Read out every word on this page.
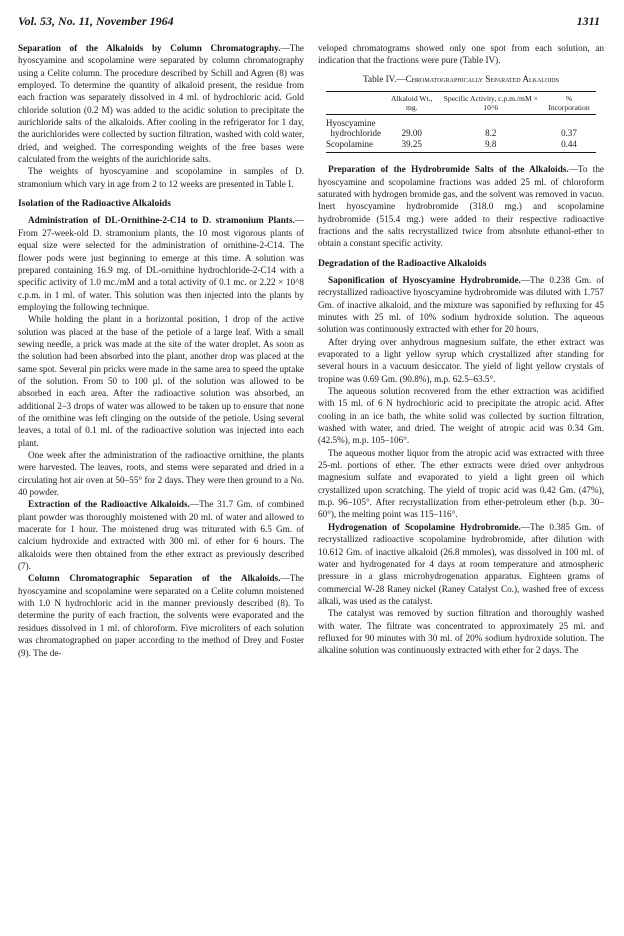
Vol. 53, No. 11, November 1964	1311

Separation of the Alkaloids by Column Chromatography.—The hyoscyamine and scopolamine were separated by column chromatography using a Celite column. The procedure described by Schill and Agren (8) was employed. To determine the quantity of alkaloid present, the residue from each fraction was separately dissolved in 4 ml. of hydrochloric acid. Gold chloride solution (0.2 M) was added to the acidic solution to precipitate the aurichloride salts of the alkaloids. After cooling in the refrigerator for 1 day, the aurichlorides were collected by suction filtration, washed with cold water, dried, and weighed. The corresponding weights of the free bases were calculated from the weights of the aurichloride salts.

The weights of hyoscyamine and scopolamine in samples of D. stramonium which vary in age from 2 to 12 weeks are presented in Table I.

Isolation of the Radioactive Alkaloids

Administration of DL-Ornithine-2-C14 to D. stramonium Plants.—From 27-week-old D. stramonium plants, the 10 most vigorous plants of equal size were selected for the administration of ornithine-2-C14. The flower pods were just beginning to emerge at this time. A solution was prepared containing 16.9 mg. of DL-ornithine hydrochloride-2-C14 with a specific activity of 1.0 mc./mM and a total activity of 0.1 mc. or 2.22 × 10^8 c.p.m. in 1 ml. of water. This solution was then injected into the plants by employing the following technique.

While holding the plant in a horizontal position, 1 drop of the active solution was placed at the base of the petiole of a large leaf. With a small sewing needle, a prick was made at the site of the water droplet. As soon as the solution had been absorbed into the plant, another drop was placed at the same spot. Several pin pricks were made in the same area to speed the uptake of the solution. From 50 to 100 µl. of the solution was allowed to be absorbed in each area. After the radioactive solution was absorbed, an additional 2–3 drops of water was allowed to be taken up to ensure that none of the ornithine was left clinging on the outside of the petiole. Using several leaves, a total of 0.1 ml. of the radioactive solution was injected into each plant.

One week after the administration of the radioactive ornithine, the plants were harvested. The leaves, roots, and stems were separated and dried in a circulating hot air oven at 50–55° for 2 days. They were then ground to a No. 40 powder.

Extraction of the Radioactive Alkaloids.—The 31.7 Gm. of combined plant powder was thoroughly moistened with 20 ml. of water and allowed to macerate for 1 hour. The moistened drug was triturated with 6.5 Gm. of calcium hydroxide and extracted with 300 ml. of ether for 6 hours. The alkaloids were then obtained from the ether extract as previously described (7).

Column Chromatographic Separation of the Alkaloids.—The hyoscyamine and scopolamine were separated on a Celite column moistened with 1.0 N hydrochloric acid in the manner previously described (8). To determine the purity of each fraction, the solvents were evaporated and the residues dissolved in 1 ml. of chloroform. Five microliters of each solution was chromatographed on paper according to the method of Drey and Foster (9). The de-

veloped chromatograms showed only one spot from each solution, an indication that the fractions were pure (Table IV).

Table IV.—Chromatographically Separated Alkaloids
	Alkaloid Wt., mg.	Specific Activity, c.p.m./mM × 10^6	% Incorporation
Hyoscyamine
hydrochloride	29.00	8.2	0.37
Scopolamine	39.25	9.8	0.44

Preparation of the Hydrobromide Salts of the Alkaloids.—To the hyoscyamine and scopolamine fractions was added 25 ml. of chloroform saturated with hydrogen bromide gas, and the solvent was removed in vacuo. Inert hyoscyamine hydrobromide (318.0 mg.) and scopolamine hydrobromide (515.4 mg.) were added to their respective radioactive fractions and the salts recrystallized twice from absolute ethanol-ether to obtain a constant specific activity.

Degradation of the Radioactive Alkaloids

Saponification of Hyoscyamine Hydrobromide.—The 0.238 Gm. of recrystallized radioactive hyoscyamine hydrobromide was diluted with 1.757 Gm. of inactive alkaloid, and the mixture was saponified by refluxing for 45 minutes with 25 ml. of 10% sodium hydroxide solution. The aqueous solution was continuously extracted with ether for 20 hours.

After drying over anhydrous magnesium sulfate, the ether extract was evaporated to a light yellow syrup which crystallized after standing for several hours in a vacuum desiccator. The yield of light yellow crystals of tropine was 0.69 Gm. (90.8%), m.p. 62.5–63.5°.

The aqueous solution recovered from the ether extraction was acidified with 15 ml. of 6 N hydrochloric acid to precipitate the atropic acid. After cooling in an ice bath, the white solid was collected by suction filtration, washed with water, and dried. The weight of atropic acid was 0.34 Gm. (42.5%), m.p. 105–106°.

The aqueous mother liquor from the atropic acid was extracted with three 25-ml. portions of ether. The ether extracts were dried over anhydrous magnesium sulfate and evaporated to yield a light green oil which crystallized upon scratching. The yield of tropic acid was 0.42 Gm. (47%), m.p. 96–105°. After recrystallization from ether-petroleum ether (b.p. 30–60°), the melting point was 115–116°.

Hydrogenation of Scopolamine Hydrobromide.—The 0.385 Gm. of recrystallized radioactive scopolamine hydrobromide, after dilution with 10.612 Gm. of inactive alkaloid (26.8 mmoles), was dissolved in 100 ml. of water and hydrogenated for 4 days at room temperature and atmospheric pressure in a glass microhydrogenation apparatus. Eighteen grams of commercial W-28 Raney nickel (Raney Catalyst Co.), washed free of excess alkali, was used as the catalyst.

The catalyst was removed by suction filtration and thoroughly washed with water. The filtrate was concentrated to approximately 25 ml. and refluxed for 90 minutes with 30 ml. of 20% sodium hydroxide solution. The alkaline solution was continuously extracted with ether for 2 days. The
